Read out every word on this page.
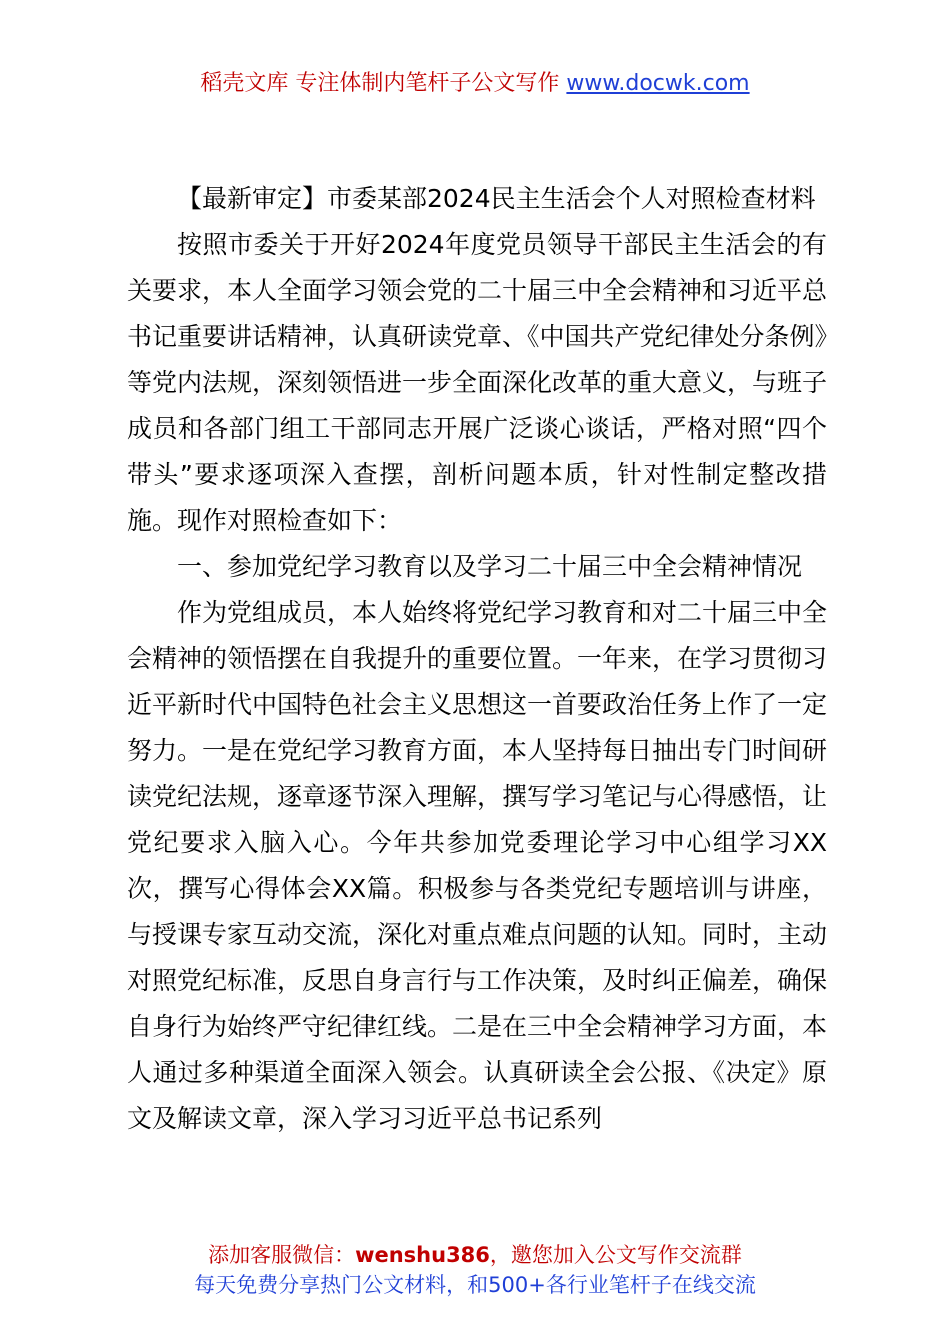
稻壳文库 专注体制内笔杆子公文写作 www.docwk.com

【最新审定】市委某部2024民主生活会个人对照检查材料

按照市委关于开好2024年度党员领导干部民主生活会的有关要求，本人全面学习领会党的二十届三中全会精神和习近平总书记重要讲话精神，认真研读党章、《中国共产党纪律处分条例》等党内法规，深刻领悟进一步全面深化改革的重大意义，与班子成员和各部门组工干部同志开展广泛谈心谈话，严格对照“四个带头”要求逐项深入查摆，剖析问题本质，针对性制定整改措施。现作对照检查如下：

一、参加党纪学习教育以及学习二十届三中全会精神情况

作为党组成员，本人始终将党纪学习教育和对二十届三中全会精神的领悟摆在自我提升的重要位置。一年来，在学习贯彻习近平新时代中国特色社会主义思想这一首要政治任务上作了一定努力。一是在党纪学习教育方面，本人坚持每日抽出专门时间研读党纪法规，逐章逐节深入理解，撰写学习笔记与心得感悟，让党纪要求入脑入心。今年共参加党委理论学习中心组学习XX次，撰写心得体会XX篇。积极参与各类党纪专题培训与讲座，与授课专家互动交流，深化对重点难点问题的认知。同时，主动对照党纪标准，反思自身言行与工作决策，及时纠正偏差，确保自身行为始终严守纪律红线。二是在三中全会精神学习方面，本人通过多种渠道全面深入领会。认真研读全会公报、《决定》原文及解读文章，深入学习习近平总书记系列

添加客服微信：wenshu386，邀您加入公文写作交流群
每天免费分享热门公文材料，和500+各行业笔杆子在线交流
